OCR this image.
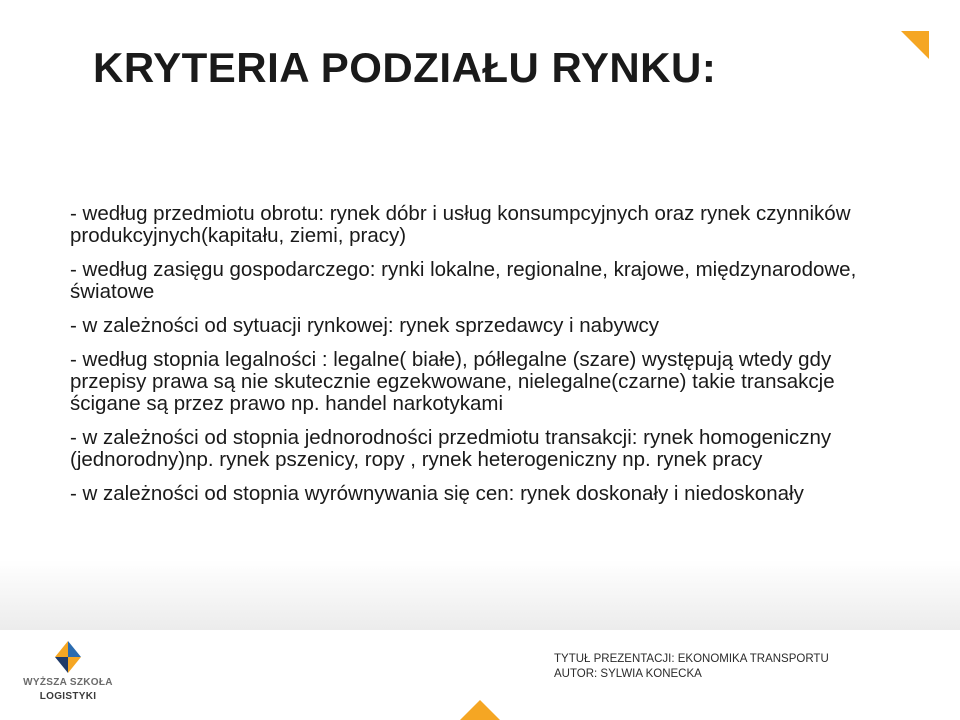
KRYTERIA PODZIAŁU RYNKU:
- według przedmiotu obrotu: rynek dóbr i usług konsumpcyjnych oraz rynek czynników produkcyjnych(kapitału, ziemi, pracy)
- według zasięgu gospodarczego: rynki lokalne, regionalne, krajowe, międzynarodowe, światowe
- w zależności od sytuacji rynkowej: rynek sprzedawcy i nabywcy
- według stopnia legalności : legalne( białe), półlegalne (szare) występują wtedy gdy przepisy prawa są nie skutecznie egzekwowane, nielegalne(czarne) takie transakcje ścigane są przez prawo np. handel narkotykami
- w zależności od stopnia jednorodności przedmiotu transakcji: rynek homogeniczny (jednorodny)np. rynek pszenicy, ropy , rynek heterogeniczny np. rynek pracy
- w zależności od stopnia wyrównywania się cen: rynek doskonały i niedoskonały
WYŻSZA SZKOŁA
LOGISTYKI
TYTUŁ PREZENTACJI: EKONOMIKA TRANSPORTU
AUTOR: SYLWIA KONECKA
